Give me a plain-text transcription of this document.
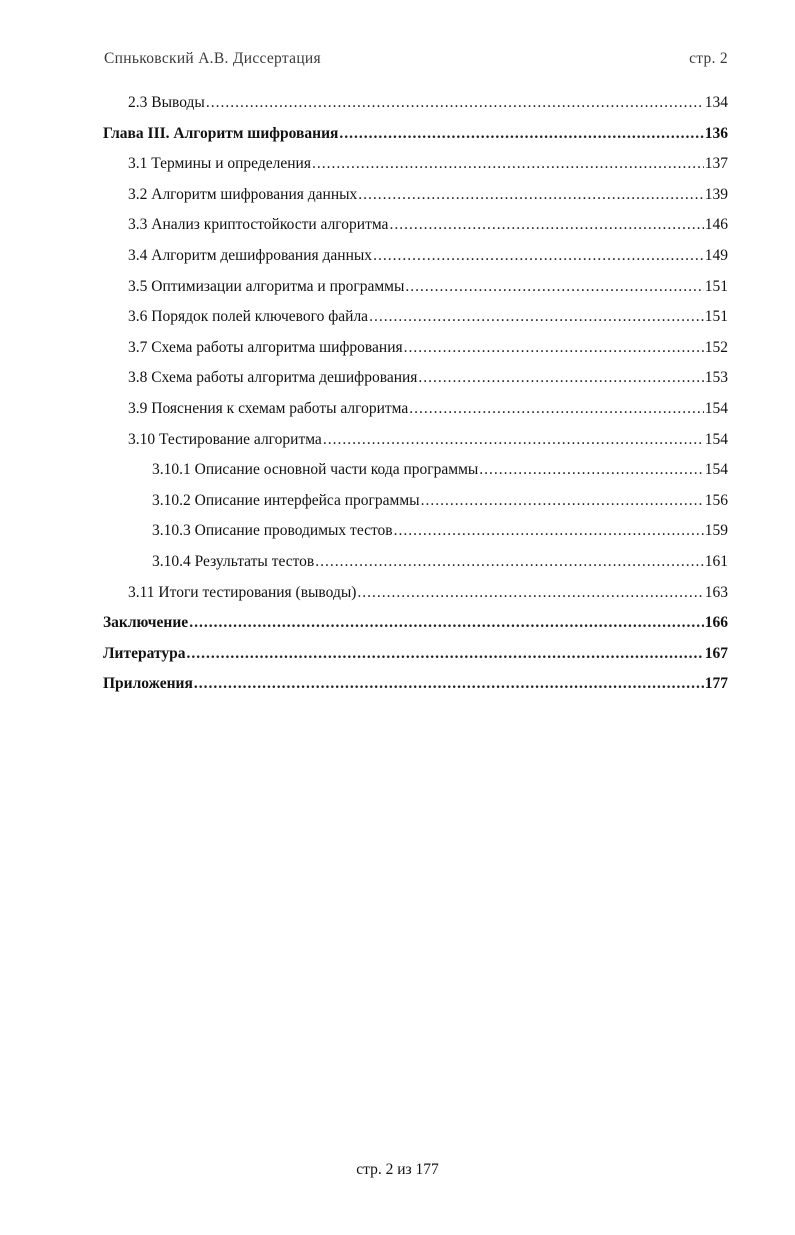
Спньковский А.В. Диссертация	стр. 2
2.3 Выводы .....	134
Глава III. Алгоритм шифрования .....	136
3.1 Термины и определения .....	137
3.2 Алгоритм шифрования данных .....	139
3.3 Анализ криптостойкости алгоритма .....	146
3.4 Алгоритм дешифрования данных .....	149
3.5 Оптимизации алгоритма и программы .....	151
3.6 Порядок полей ключевого файла .....	151
3.7 Схема работы алгоритма шифрования .....	152
3.8 Схема работы алгоритма дешифрования .....	153
3.9 Пояснения к схемам работы алгоритма .....	154
3.10 Тестирование алгоритма .....	154
3.10.1 Описание основной части кода программы .....	154
3.10.2 Описание интерфейса программы .....	156
3.10.3 Описание проводимых тестов .....	159
3.10.4 Результаты тестов .....	161
3.11 Итоги тестирования (выводы) .....	163
Заключение .....	166
Литература .....	167
Приложения .....	177
стр. 2 из 177
